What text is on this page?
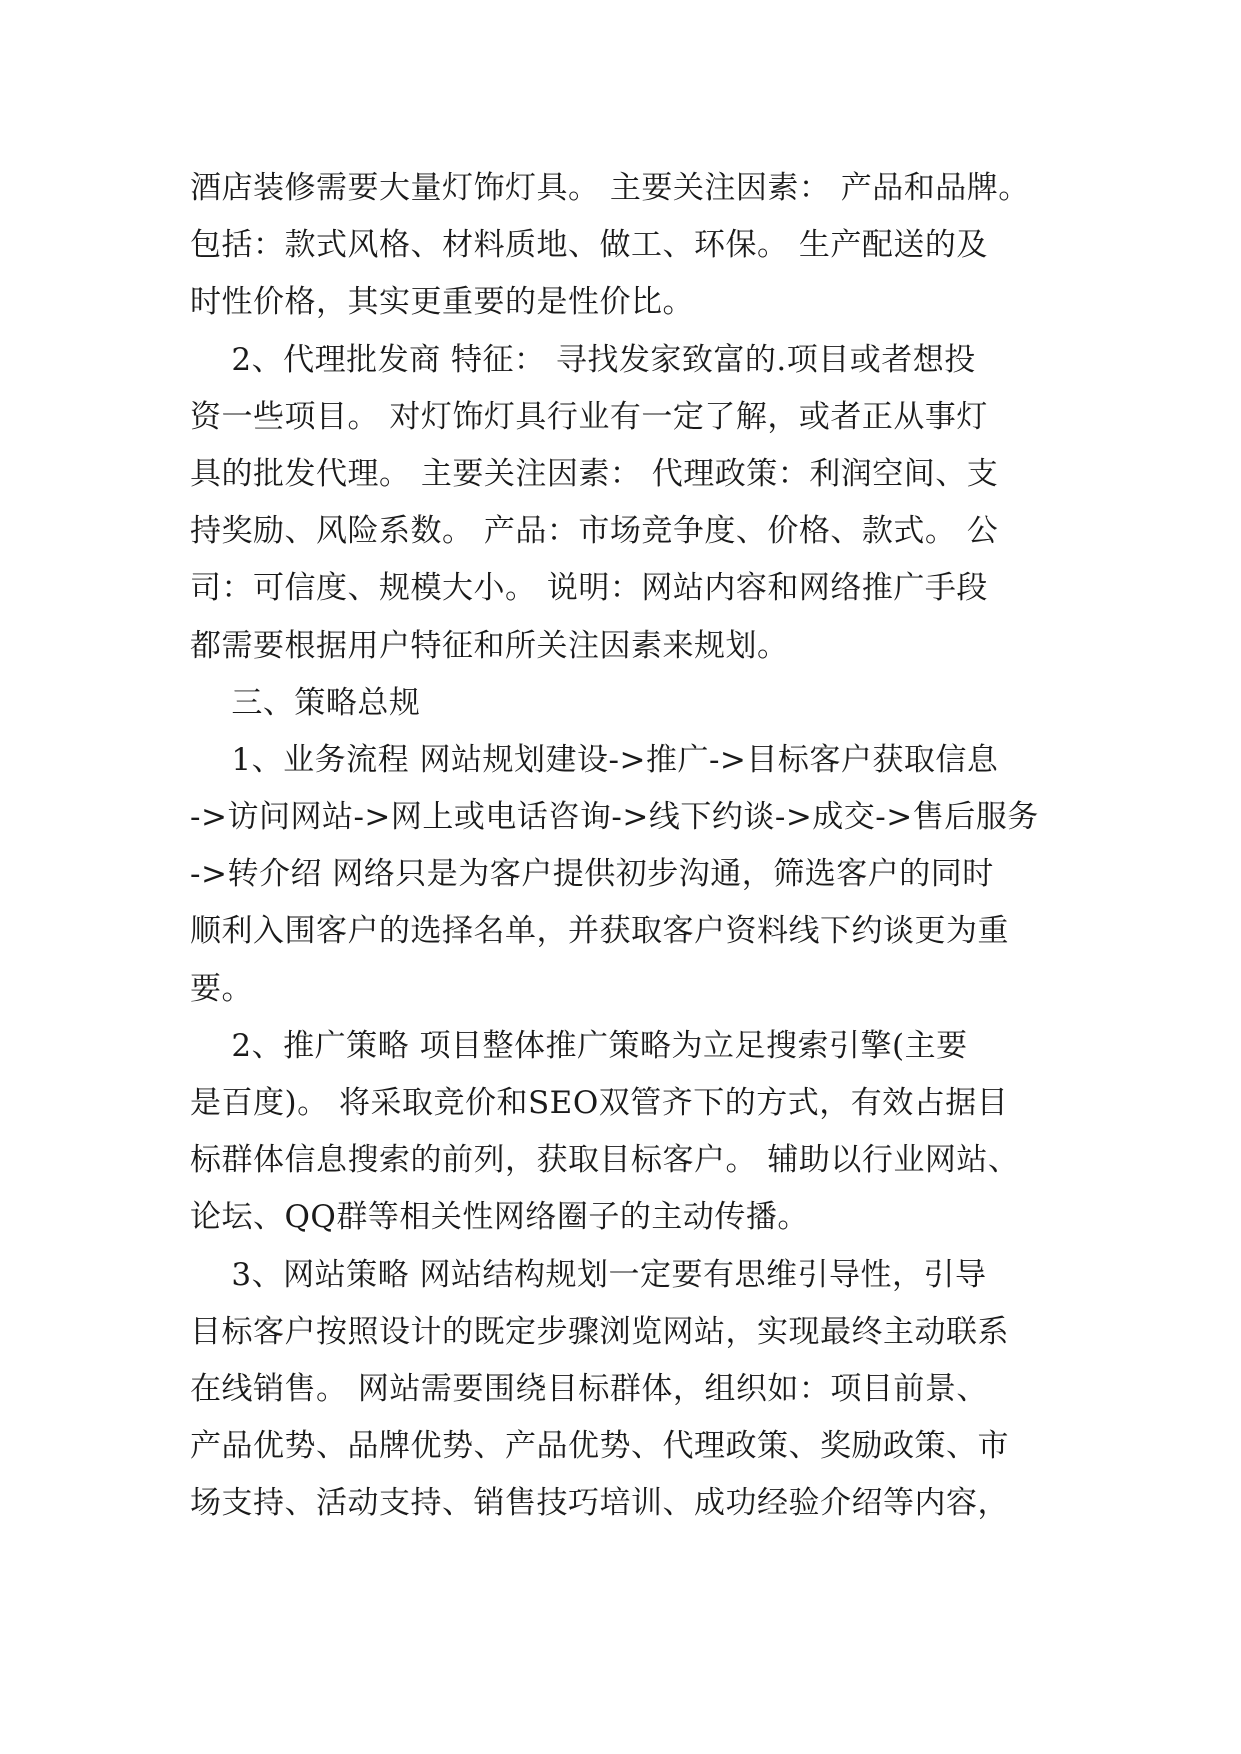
酒店装修需要大量灯饰灯具。 主要关注因素： 产品和品牌。
包括：款式风格、材料质地、做工、环保。 生产配送的及
时性价格，其实更重要的是性价比。
2、代理批发商 特征： 寻找发家致富的.项目或者想投
资一些项目。 对灯饰灯具行业有一定了解，或者正从事灯
具的批发代理。 主要关注因素： 代理政策：利润空间、支
持奖励、风险系数。 产品：市场竞争度、价格、款式。 公
司：可信度、规模大小。 说明：网站内容和网络推广手段
都需要根据用户特征和所关注因素来规划。
三、策略总规
1、业务流程 网站规划建设->推广->目标客户获取信息
->访问网站->网上或电话咨询->线下约谈->成交->售后服务
->转介绍 网络只是为客户提供初步沟通，筛选客户的同时
顺利入围客户的选择名单，并获取客户资料线下约谈更为重
要。
2、推广策略 项目整体推广策略为立足搜索引擎(主要
是百度)。 将采取竞价和SEO双管齐下的方式，有效占据目
标群体信息搜索的前列，获取目标客户。 辅助以行业网站、
论坛、QQ群等相关性网络圈子的主动传播。
3、网站策略 网站结构规划一定要有思维引导性，引导
目标客户按照设计的既定步骤浏览网站，实现最终主动联系
在线销售。 网站需要围绕目标群体，组织如：项目前景、
产品优势、品牌优势、产品优势、代理政策、奖励政策、市
场支持、活动支持、销售技巧培训、成功经验介绍等内容，
